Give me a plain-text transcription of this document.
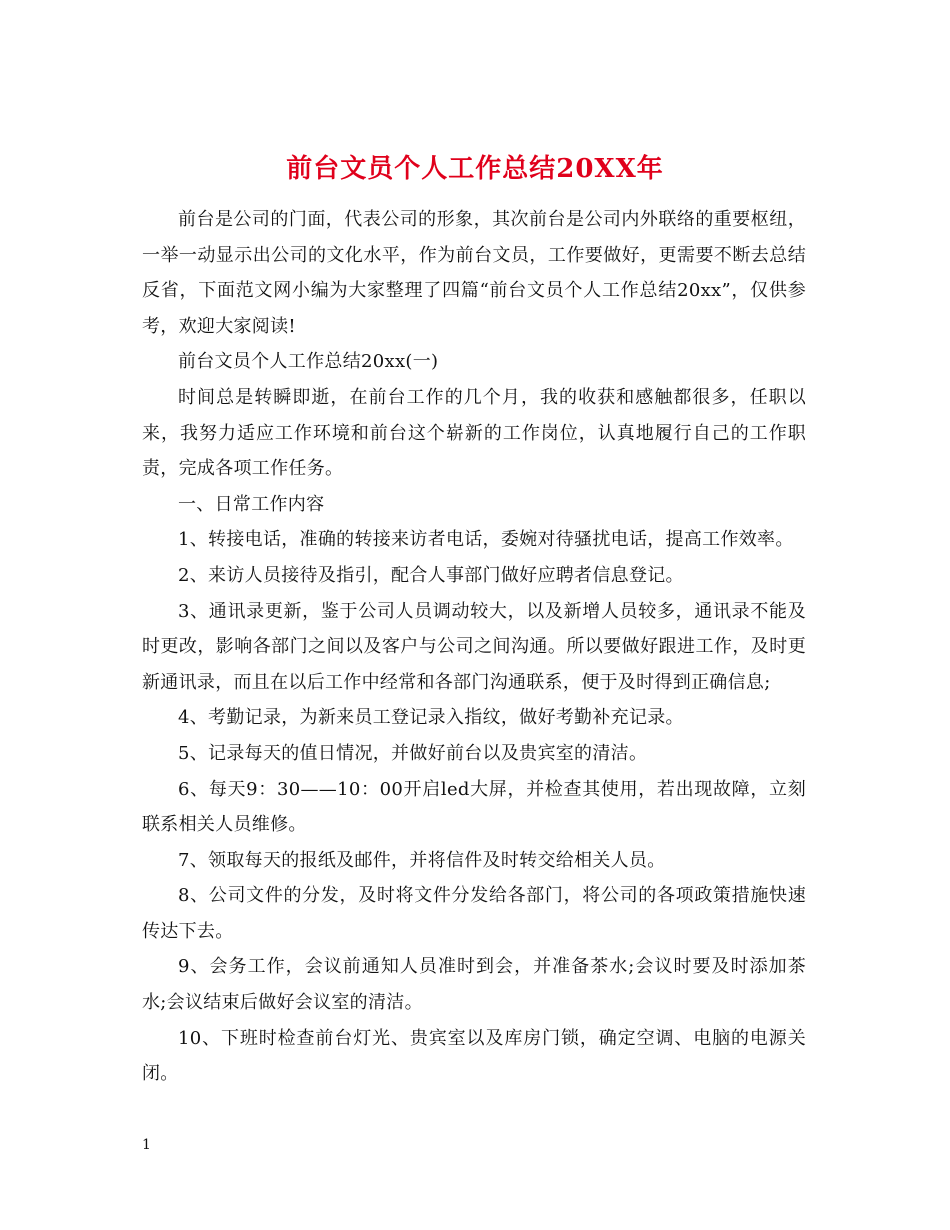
前台文员个人工作总结20XX年

前台是公司的门面，代表公司的形象，其次前台是公司内外联络的重要枢纽，一举一动显示出公司的文化水平，作为前台文员，工作要做好，更需要不断去总结反省，下面范文网小编为大家整理了四篇“前台文员个人工作总结20xx”，仅供参考，欢迎大家阅读!

前台文员个人工作总结20xx(一)

时间总是转瞬即逝，在前台工作的几个月，我的收获和感触都很多，任职以来，我努力适应工作环境和前台这个崭新的工作岗位，认真地履行自己的工作职责，完成各项工作任务。

一、日常工作内容

1、转接电话，准确的转接来访者电话，委婉对待骚扰电话，提高工作效率。

2、来访人员接待及指引，配合人事部门做好应聘者信息登记。

3、通讯录更新，鉴于公司人员调动较大，以及新增人员较多，通讯录不能及时更改，影响各部门之间以及客户与公司之间沟通。所以要做好跟进工作，及时更新通讯录，而且在以后工作中经常和各部门沟通联系，便于及时得到正确信息;

4、考勤记录，为新来员工登记录入指纹，做好考勤补充记录。

5、记录每天的值日情况，并做好前台以及贵宾室的清洁。

6、每天9：30——10：00开启led大屏，并检查其使用，若出现故障，立刻联系相关人员维修。

7、领取每天的报纸及邮件，并将信件及时转交给相关人员。

8、公司文件的分发，及时将文件分发给各部门，将公司的各项政策措施快速传达下去。

9、会务工作，会议前通知人员准时到会，并准备茶水;会议时要及时添加茶水;会议结束后做好会议室的清洁。

10、下班时检查前台灯光、贵宾室以及库房门锁，确定空调、电脑的电源关闭。

1
